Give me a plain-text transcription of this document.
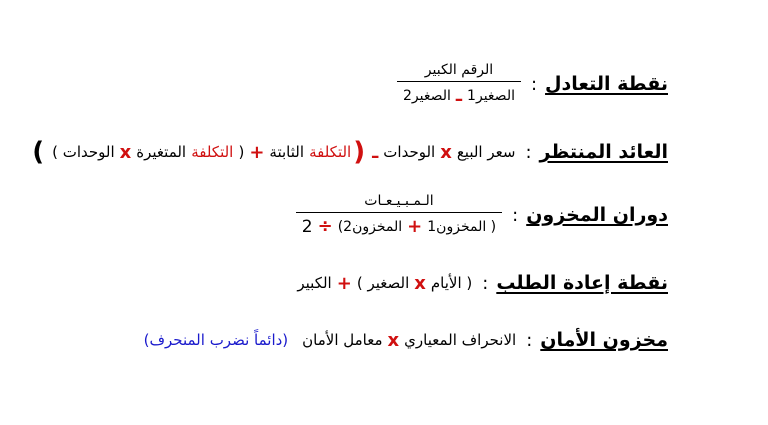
نقطة التعادل
:
الرقم الكبير
الصغير1
ـ
الصغير2
العائد المنتظر
:
سعر البيع
x
الوحدات
ـ
(
التكلفة

الثابتة
+
(

التكلفة

المتغيرة
x
الوحدات )
)
دوران المخزون
:
الـمـبـيـعـات
( المخزون1
+
المخزون2)
÷
2
نقطة إعادة الطلب
:
( الأيام
x
الصغير )
+
الكبير
مخزون الأمان
:
الانحراف المعياري
x
معامل الأمان
(دائماً نضرب المنحرف)
